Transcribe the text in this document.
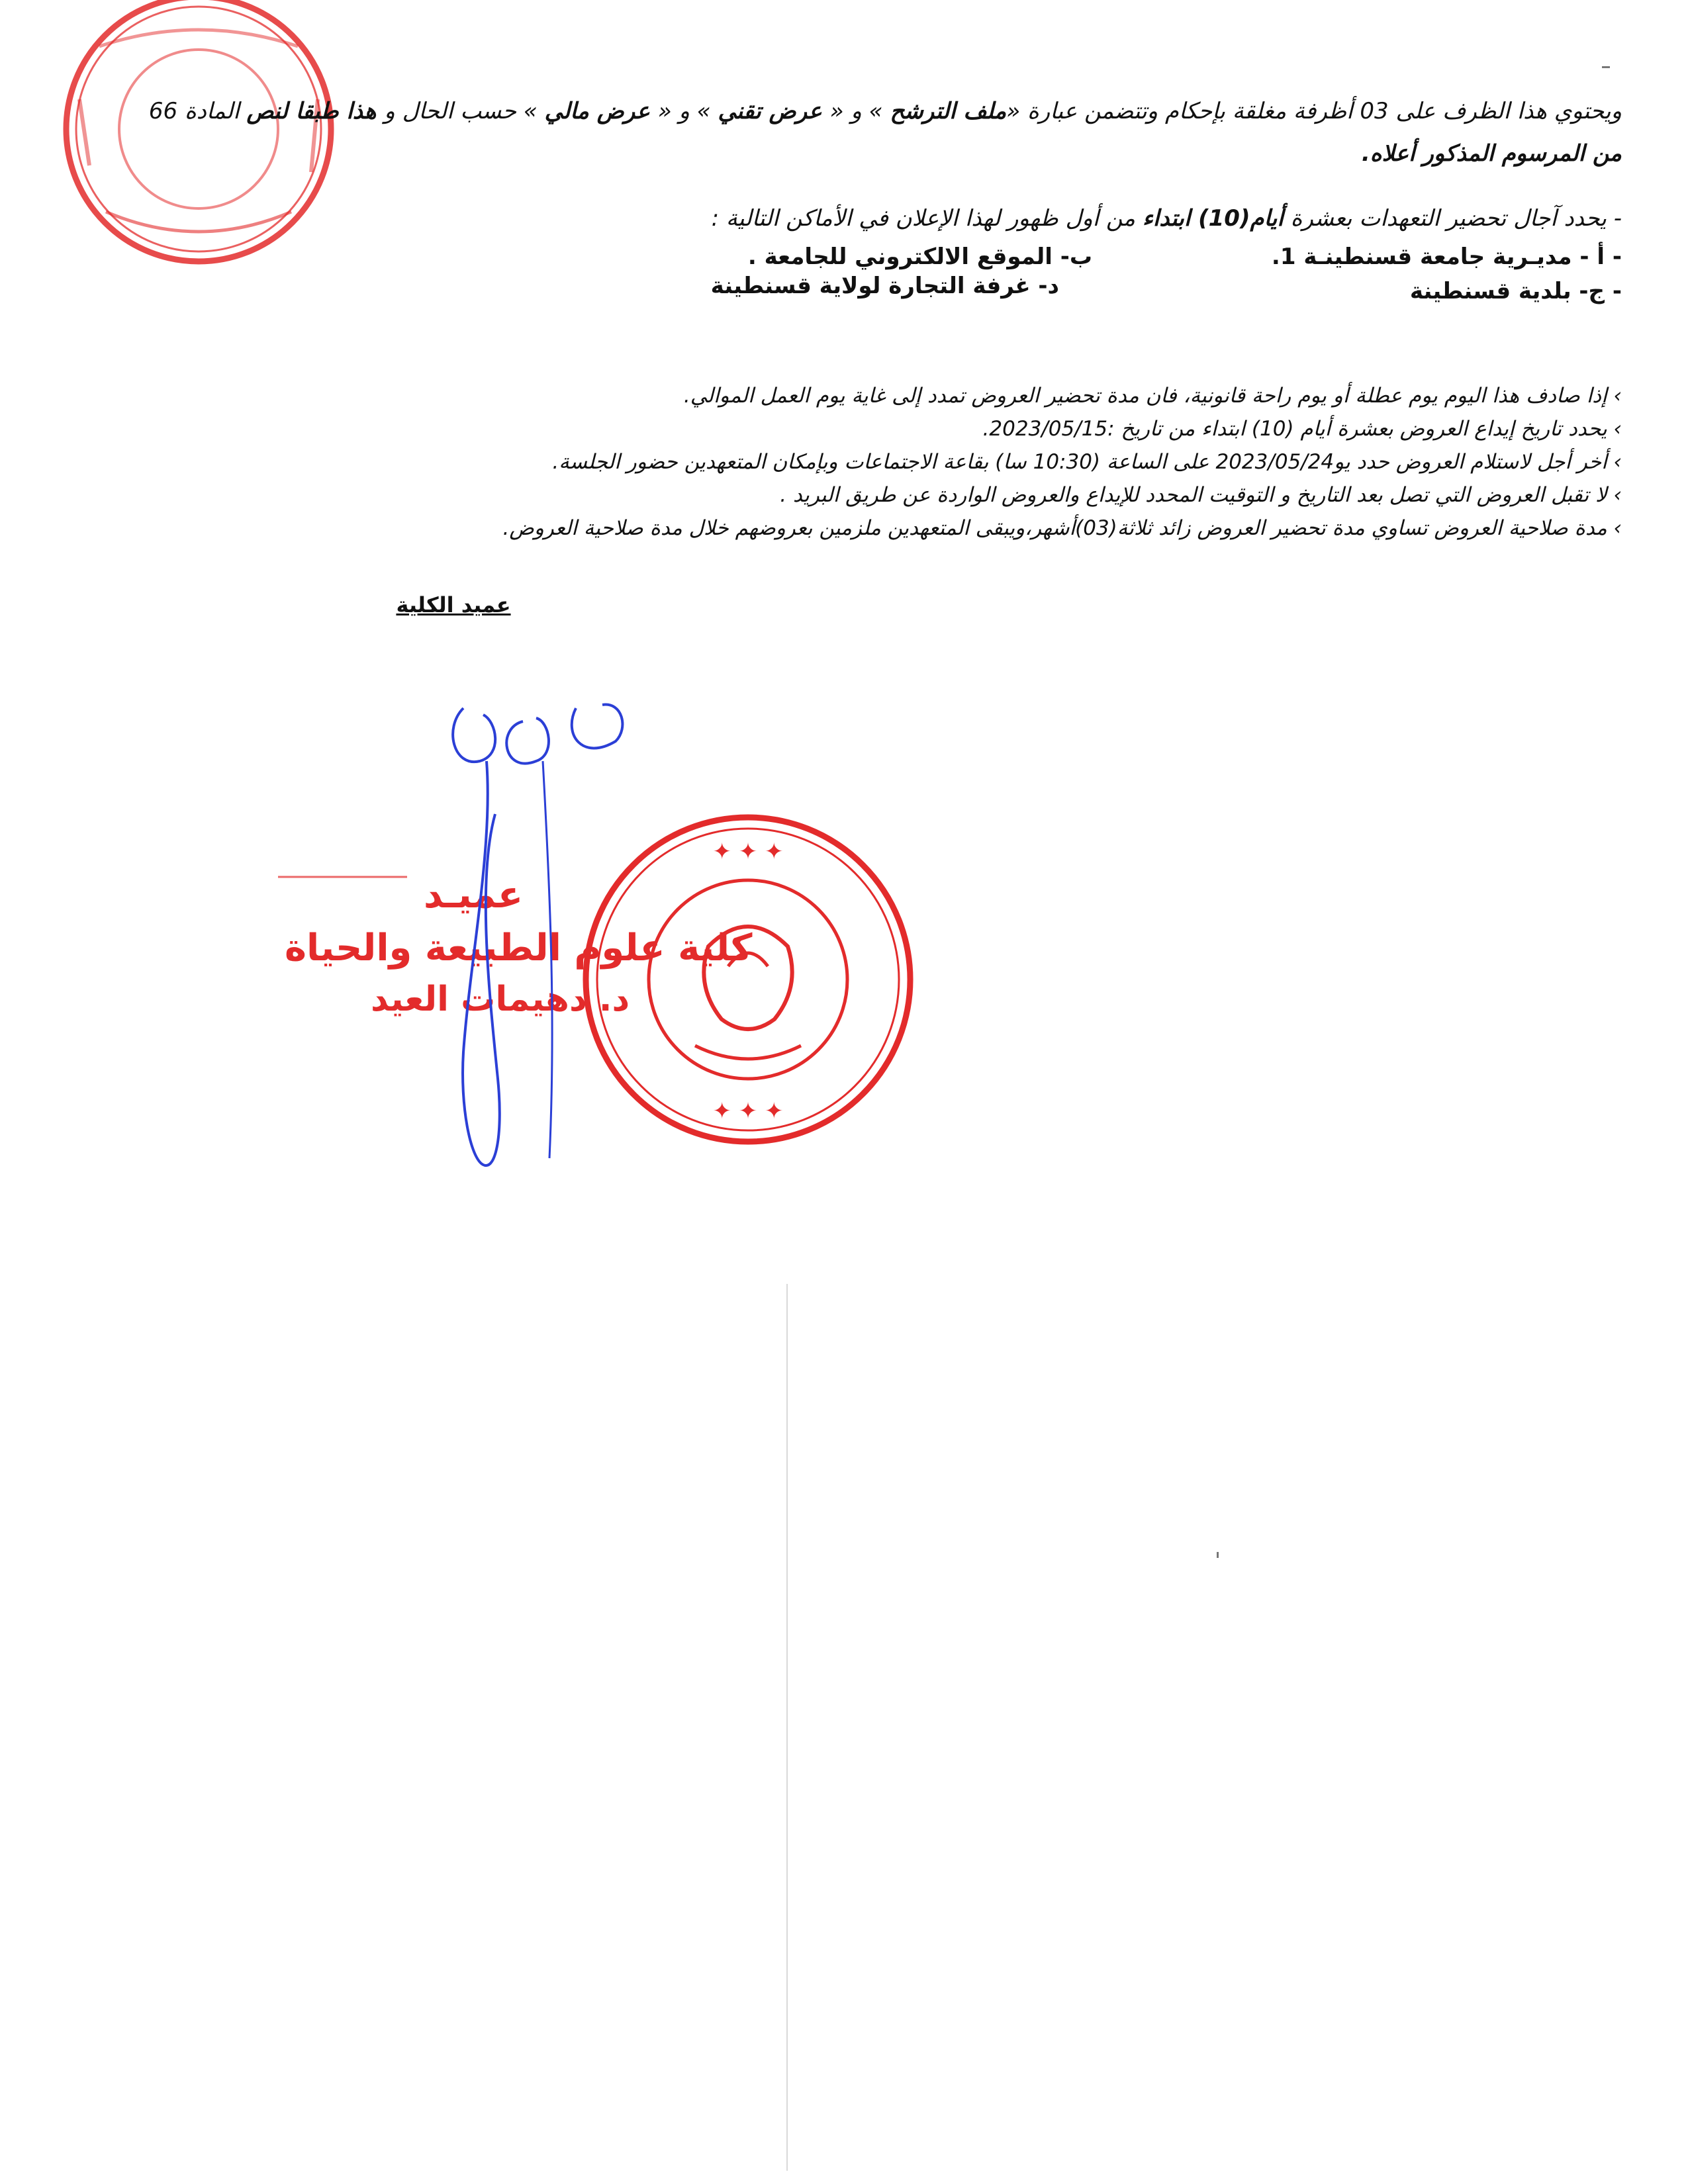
ويحتوي هذا الظرف على 03 أظرفة مغلقة بإحكام وتتضمن عبارة «ملف الترشح » و « عرض تقني » و « عرض مالي » حسب الحال و هذا طبقا لنص المادة 66
من المرسوم المذكور أعلاه.
- يحدد آجال تحضير التعهدات بعشرة أيام(10) ابتداء من أول ظهور لهذا الإعلان في الأماكن التالية :
- أ - مديـرية جامعة قسنطينـة 1.
ب- الموقع الالكتروني للجامعة .
- ج- بلدية قسنطينة
د- غرفة التجارة لولاية قسنطينة
› إذا صادف هذا اليوم يوم عطلة أو يوم راحة قانونية، فان مدة تحضير العروض تمدد إلى غاية يوم العمل الموالي.
› يحدد تاريخ إيداع العروض بعشرة أيام (10) ابتداء من تاريخ :2023/05/15.
› أخر أجل لاستلام العروض حدد يو2023/05/24 على الساعة (10:30 سا) بقاعة الاجتماعات وبإمكان المتعهدين حضور الجلسة.
› لا تقبل العروض التي تصل بعد التاريخ و التوقيت المحدد للإيداع والعروض الواردة عن طريق البريد .
› مدة صلاحية العروض تساوي مدة تحضير العروض زائد ثلاثة(03)أشهر،ويبقى المتعهدين ملزمين بعروضهم خلال مدة صلاحية العروض.
عميد الكلية
عميـد
كلية علوم الطبيعة والحياة
د. دهيمات العيد
✦ ✦ ✦
✦ ✦ ✦
